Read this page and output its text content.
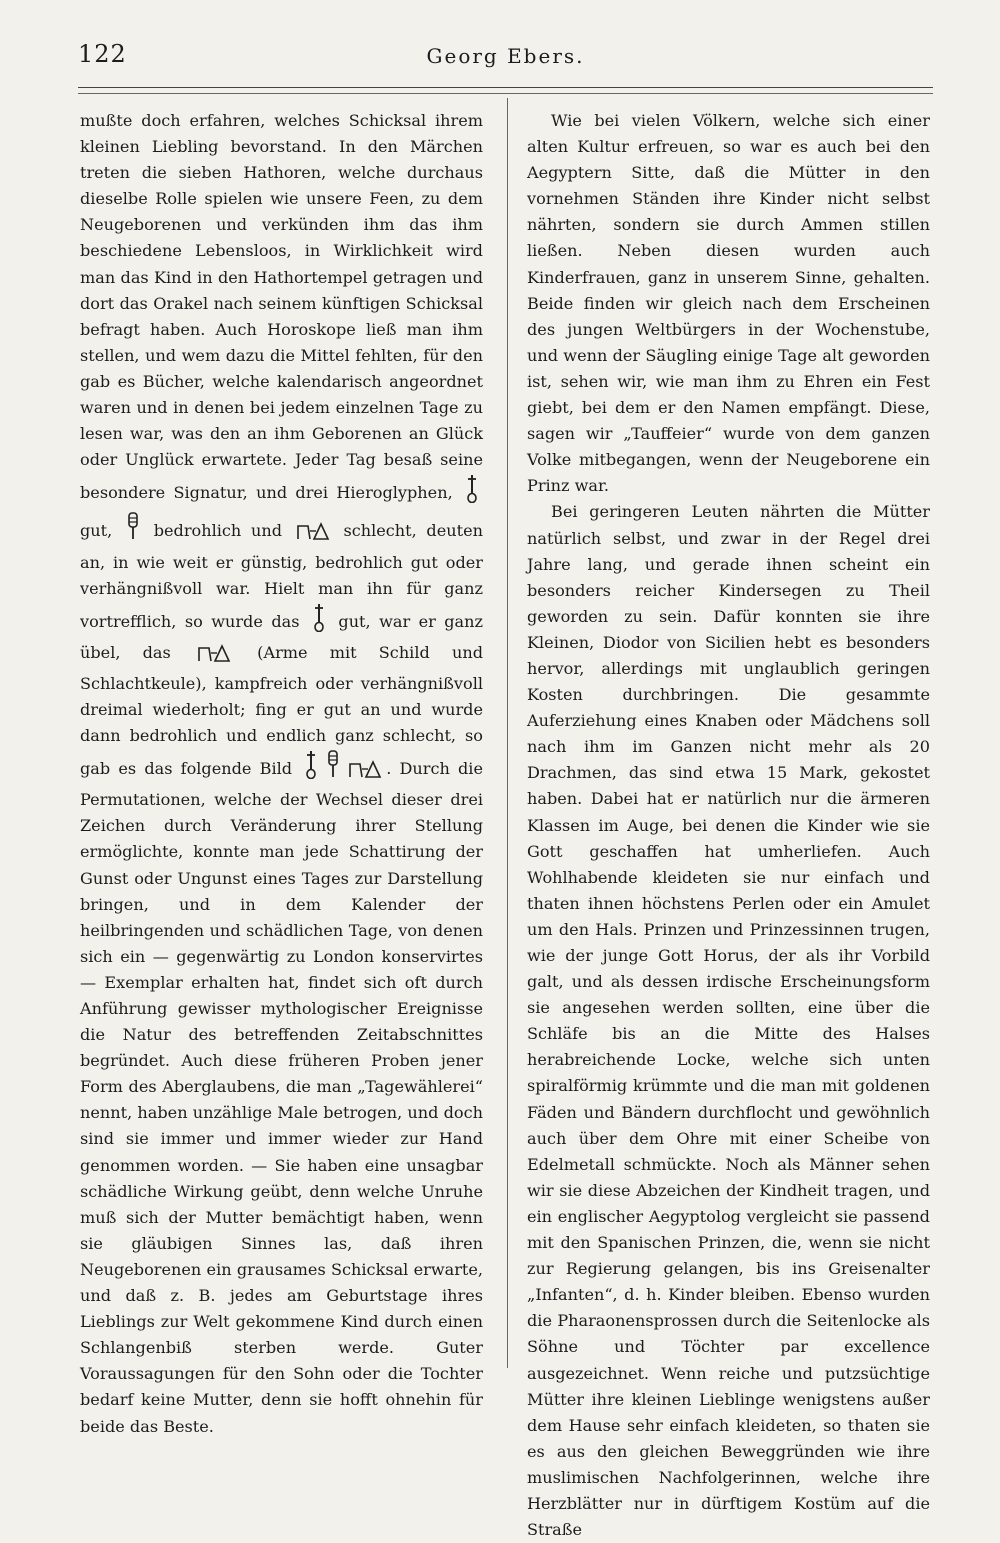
122	Georg Ebers.

mußte doch erfahren, welches Schicksal ihrem kleinen Liebling bevorstand. In den Märchen treten die sieben Hathoren, welche durchaus dieselbe Rolle spielen wie unsere Feen, zu dem Neugeborenen und verkünden ihm das ihm beschiedene Lebensloos, in Wirklichkeit wird man das Kind in den Hathortempel getragen und dort das Orakel nach seinem künftigen Schicksal befragt haben. Auch Horoskope ließ man ihm stellen, und wem dazu die Mittel fehlten, für den gab es Bücher, welche kalendarisch angeordnet waren und in denen bei jedem einzelnen Tage zu lesen war, was den an ihm Geborenen an Glück oder Unglück erwartete. Jeder Tag besaß seine besondere Signatur, und drei Hieroglyphen,  gut,	bedrohlich und	schlecht, deuten an, in wie weit er günstig, bedrohlich gut oder verhängnißvoll war. Hielt man ihn für ganz vortrefflich, so wurde das gut, war er ganz übel, das	(Arme mit Schild und Schlachtkeule), kampfreich oder verhängnißvoll dreimal wiederholt; fing er gut an und wurde dann bedrohlich und endlich ganz schlecht, so gab es das folgende Bild	. Durch die Permutationen, welche der Wechsel dieser drei Zeichen durch Veränderung ihrer Stellung ermöglichte, konnte man jede Schattirung der Gunst oder Ungunst eines Tages zur Darstellung bringen, und in dem Kalender der heilbringenden und schädlichen Tage, von denen sich ein — gegenwärtig zu London konservirtes — Exemplar erhalten hat, findet sich oft durch Anführung gewisser mythologischer Ereignisse die Natur des betreffenden Zeitabschnittes begründet. Auch diese früheren Proben jener Form des Aberglaubens, die man „Tagewählerei“ nennt, haben unzählige Male betrogen, und doch sind sie immer und immer wieder zur Hand genommen worden. — Sie haben eine unsagbar schädliche Wirkung geübt, denn welche Unruhe muß sich der Mutter bemächtigt haben, wenn sie gläubigen Sinnes las, daß ihren Neugeborenen ein grausames Schicksal erwarte, und daß z. B. jedes am Geburtstage ihres Lieblings zur Welt gekommene Kind durch einen Schlangenbiß sterben werde. Guter Voraussagungen für den Sohn oder die Tochter bedarf keine Mutter, denn sie hofft ohnehin für beide das Beste.

Wie bei vielen Völkern, welche sich einer alten Kultur erfreuen, so war es auch bei den Aegyptern Sitte, daß die Mütter in den vornehmen Ständen ihre Kinder nicht selbst nährten, sondern sie durch Ammen stillen ließen. Neben diesen wurden auch Kinderfrauen, ganz in unserem Sinne, gehalten. Beide finden wir gleich nach dem Erscheinen des jungen Weltbürgers in der Wochenstube, und wenn der Säugling einige Tage alt geworden ist, sehen wir, wie man ihm zu Ehren ein Fest giebt, bei dem er den Namen empfängt. Diese, sagen wir „Tauffeier“ wurde von dem ganzen Volke mitbegangen, wenn der Neugeborene ein Prinz war.

Bei geringeren Leuten nährten die Mütter natürlich selbst, und zwar in der Regel drei Jahre lang, und gerade ihnen scheint ein besonders reicher Kindersegen zu Theil geworden zu sein. Dafür konnten sie ihre Kleinen, Diodor von Sicilien hebt es besonders hervor, allerdings mit unglaublich geringen Kosten durchbringen. Die gesammte Auferziehung eines Knaben oder Mädchens soll nach ihm im Ganzen nicht mehr als 20 Drachmen, das sind etwa 15 Mark, gekostet haben. Dabei hat er natürlich nur die ärmeren Klassen im Auge, bei denen die Kinder wie sie Gott geschaffen hat umherliefen. Auch Wohlhabende kleideten sie nur einfach und thaten ihnen höchstens Perlen oder ein Amulet um den Hals. Prinzen und Prinzessinnen trugen, wie der junge Gott Horus, der als ihr Vorbild galt, und als dessen irdische Erscheinungsform sie angesehen werden sollten, eine über die Schläfe bis an die Mitte des Halses herabreichende Locke, welche sich unten spiralförmig krümmte und die man mit goldenen Fäden und Bändern durchflocht und gewöhnlich auch über dem Ohre mit einer Scheibe von Edelmetall schmückte. Noch als Männer sehen wir sie diese Abzeichen der Kindheit tragen, und ein englischer Aegyptolog vergleicht sie passend mit den Spanischen Prinzen, die, wenn sie nicht zur Regierung gelangen, bis ins Greisenalter „Infanten“, d. h. Kinder bleiben. Ebenso wurden die Pharaonensprossen durch die Seitenlocke als Söhne und Töchter par excellence ausgezeichnet. Wenn reiche und putzsüchtige Mütter ihre kleinen Lieblinge wenigstens außer dem Hause sehr einfach kleideten, so thaten sie es aus den gleichen Beweggründen wie ihre muslimischen Nachfolgerinnen, welche ihre Herzblätter nur in dürftigem Kostüm auf die Straße
